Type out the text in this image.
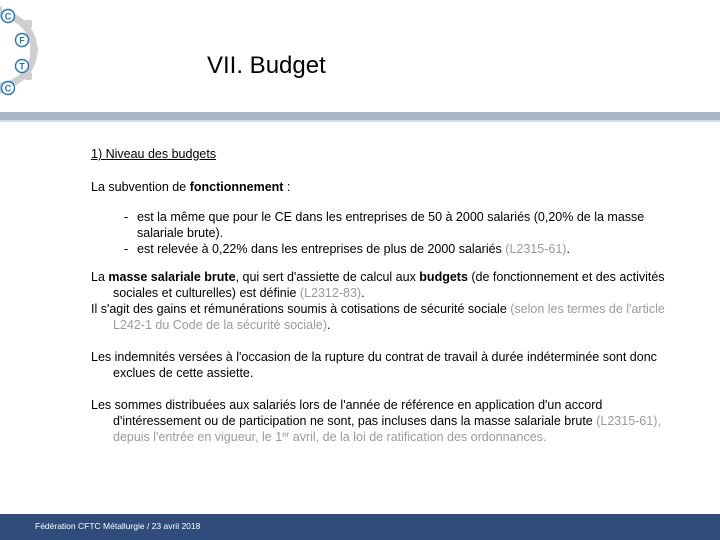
C
F
T
C
VII. Budget

1) Niveau des budgets

La subvention de fonctionnement :

- est la même que pour le CE dans les entreprises de 50 à 2000 salariés (0,20% de la masse salariale brute).
- est relevée à 0,22% dans les entreprises de plus de 2000 salariés (L2315-61).

La masse salariale brute, qui sert d'assiette de calcul aux budgets (de fonctionnement et des activités sociales et culturelles) est définie (L2312-83).

Il s'agit des gains et rémunérations soumis à cotisations de sécurité sociale (selon les termes de l'article L242-1 du Code de la sécurité sociale).

Les indemnités versées à l'occasion de la rupture du contrat de travail à durée indéterminée sont donc exclues de cette assiette.

Les sommes distribuées aux salariés lors de l'année de référence en application d'un accord d'intéressement ou de participation ne sont, pas incluses dans la masse salariale brute (L2315-61), depuis l'entrée en vigueur, le 1er avril, de la loi de ratification des ordonnances.

Fédération CFTC Métallurgie / 23 avril 2018
